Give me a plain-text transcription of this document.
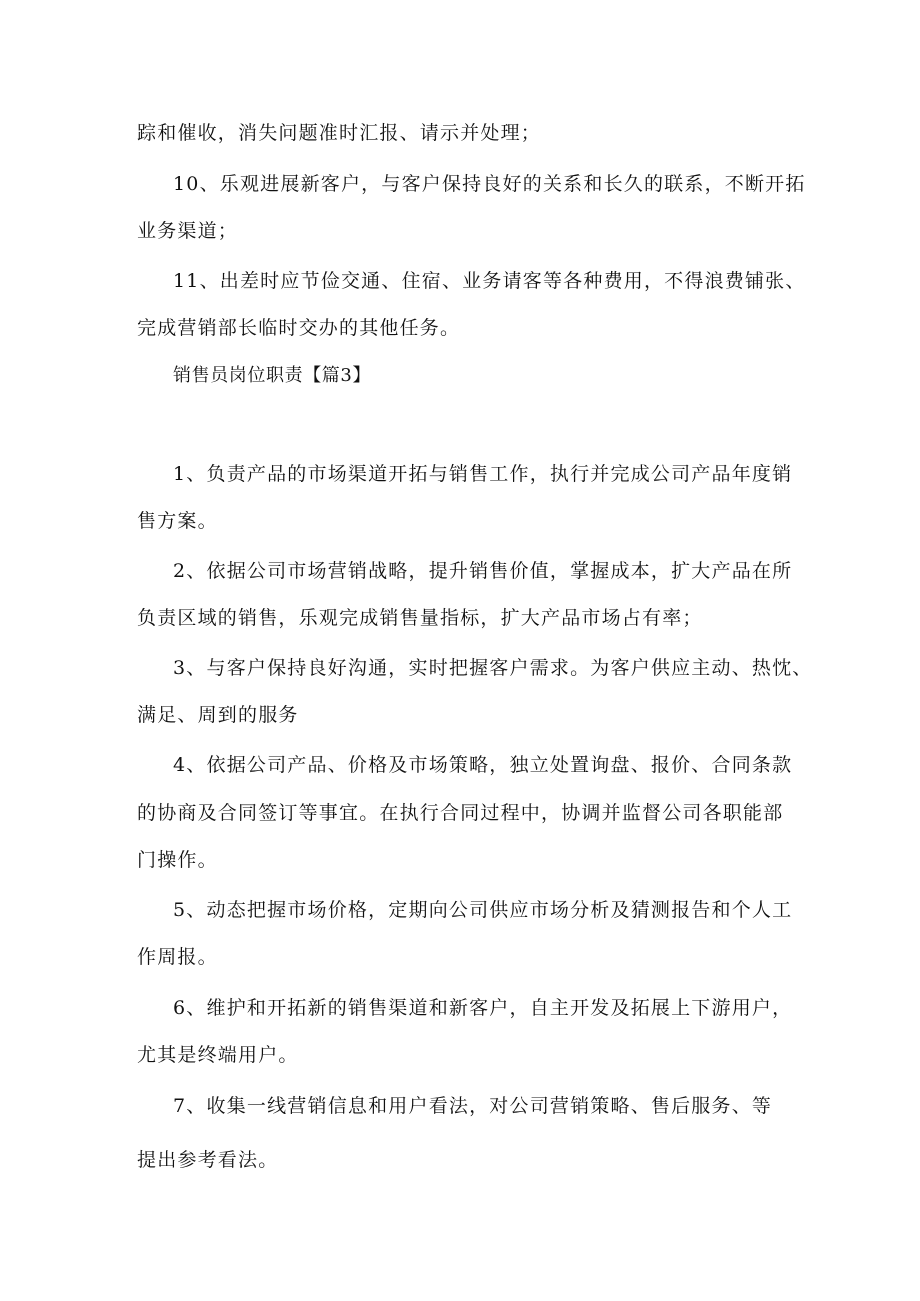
踪和催收，消失问题准时汇报、请示并处理；
10、乐观进展新客户，与客户保持良好的关系和长久的联系，不断开拓
业务渠道；
11、出差时应节俭交通、住宿、业务请客等各种费用，不得浪费铺张、
完成营销部长临时交办的其他任务。
销售员岗位职责【篇3】
1、负责产品的市场渠道开拓与销售工作，执行并完成公司产品年度销
售方案。
2、依据公司市场营销战略，提升销售价值，掌握成本，扩大产品在所
负责区域的销售，乐观完成销售量指标，扩大产品市场占有率；
3、与客户保持良好沟通，实时把握客户需求。为客户供应主动、热忱、
满足、周到的服务
4、依据公司产品、价格及市场策略，独立处置询盘、报价、合同条款
的协商及合同签订等事宜。在执行合同过程中，协调并监督公司各职能部
门操作。
5、动态把握市场价格，定期向公司供应市场分析及猜测报告和个人工
作周报。
6、维护和开拓新的销售渠道和新客户，自主开发及拓展上下游用户，
尤其是终端用户。
7、收集一线营销信息和用户看法，对公司营销策略、售后服务、等
提出参考看法。
